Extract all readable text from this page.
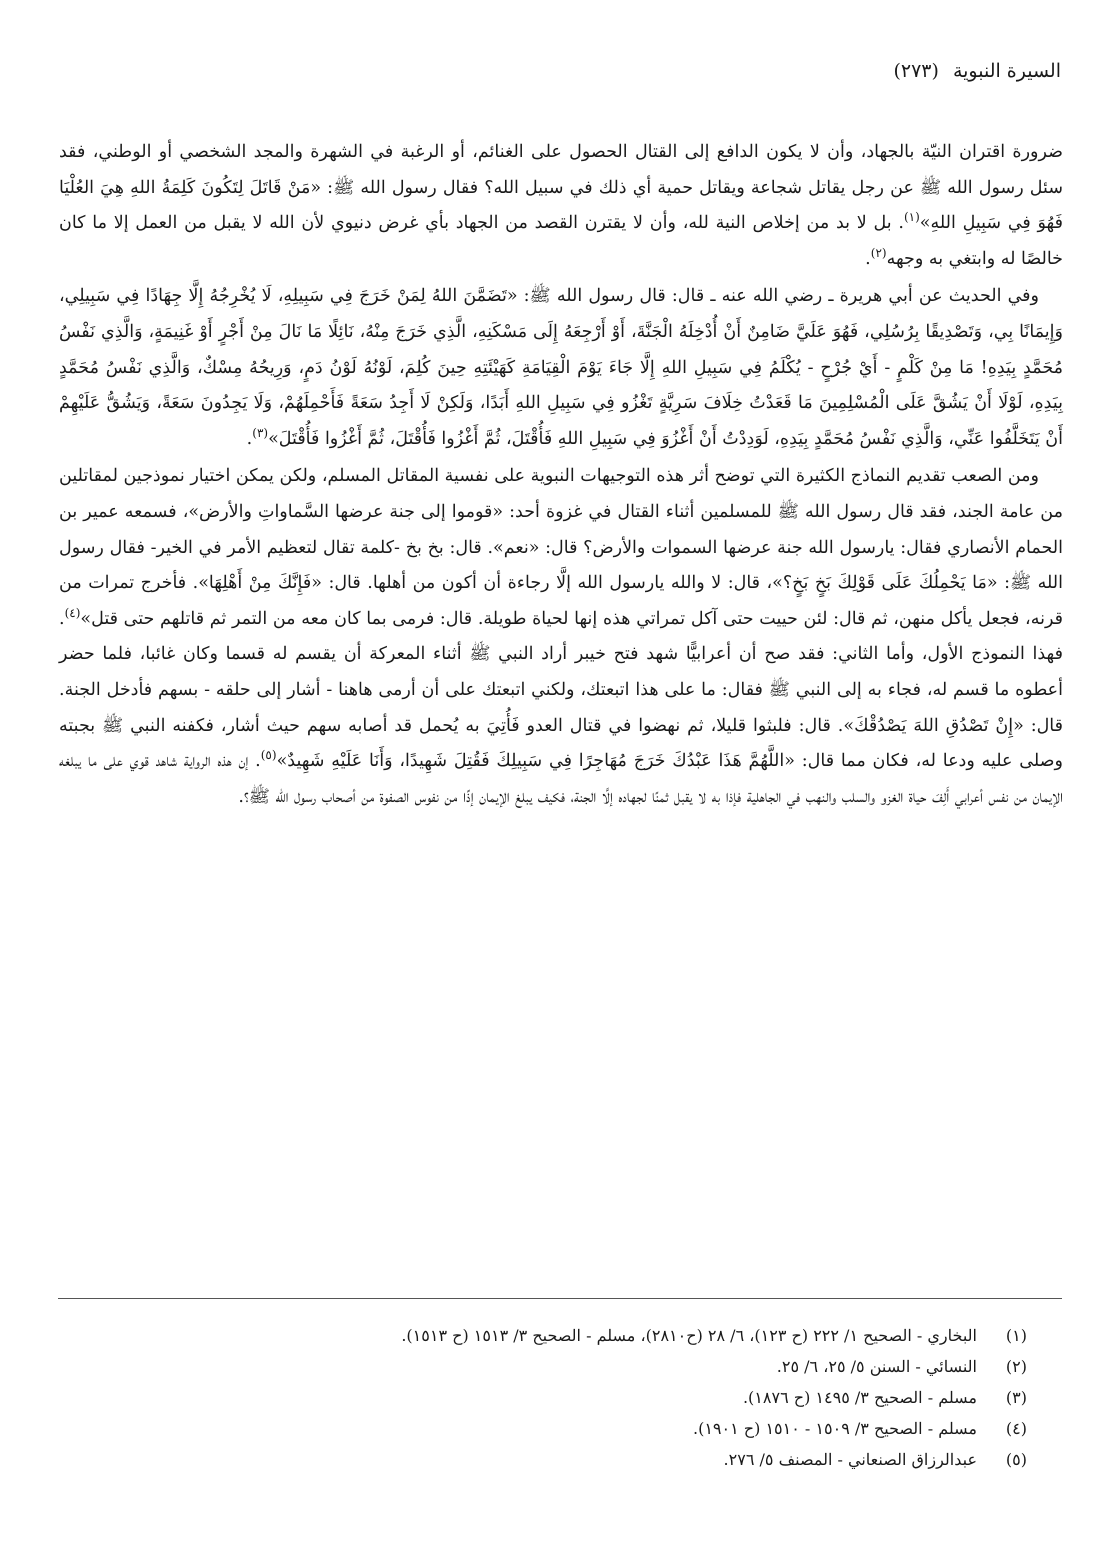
السيرة النبوية(٢٧٣)

ضرورة اقتران النيّة بالجهاد، وأن لا يكون الدافع إلى القتال الحصول على الغنائم، أو الرغبة في الشهرة والمجد الشخصي أو الوطني، فقد سئل رسول الله ﷺ عن رجل يقاتل شجاعة ويقاتل حمية أي ذلك في سبيل الله؟ فقال رسول الله ﷺ: «مَنْ قَاتَلَ لِتَكُونَ كَلِمَةُ اللهِ هِيَ العُلْيَا فَهُوَ فِي سَبِيلِ اللهِ»$^{(١)}$. بل لا بد من إخلاص النية لله، وأن لا يقترن القصد من الجهاد بأي غرض دنيوي لأن الله لا يقبل من العمل إلا ما كان خالصًا له وابتغي به وجهه$^{(٢)}$.

وفي الحديث عن أبي هريرة ـ رضي الله عنه ـ قال: قال رسول الله ﷺ: «تَضَمَّنَ اللهُ لِمَنْ خَرَجَ فِي سَبِيلِهِ، لَا يُخْرِجُهُ إِلَّا جِهَادًا فِي سَبِيلِي، وَإِيمَانًا بِي، وَتَصْدِيقًا بِرُسُلِي، فَهُوَ عَلَيَّ ضَامِنٌ أَنْ أُدْخِلَهُ الْجَنَّةَ، أَوْ أَرْجِعَهُ إِلَى مَسْكَنِهِ، الَّذِي خَرَجَ مِنْهُ، نَائِلًا مَا نَالَ مِنْ أَجْرٍ أَوْ غَنِيمَةٍ، وَالَّذِي نَفْسُ مُحَمَّدٍ بِيَدِهِ! مَا مِنْ كَلْمٍ - أَيْ جُرْحٍ - يُكْلَمُ فِي سَبِيلِ اللهِ إِلَّا جَاءَ يَوْمَ الْقِيَامَةِ كَهَيْئَتِهِ حِينَ كُلِمَ، لَوْنُهُ لَوْنُ دَمٍ، وَرِيحُهُ مِسْكٌ، وَالَّذِي نَفْسُ مُحَمَّدٍ بِيَدِهِ، لَوْلَا أَنْ يَشُقَّ عَلَى الْمُسْلِمِينَ مَا قَعَدْتُ خِلَافَ سَرِيَّةٍ تَغْزُو فِي سَبِيلِ اللهِ أَبَدًا، وَلَكِنْ لَا أَجِدُ سَعَةً فَأَحْمِلَهُمْ، وَلَا يَجِدُونَ سَعَةً، وَيَشُقُّ عَلَيْهِمْ أَنْ يَتَخَلَّفُوا عَنِّي، وَالَّذِي نَفْسُ مُحَمَّدٍ بِيَدِهِ، لَوَدِدْتُ أَنْ أَغْزُوَ فِي سَبِيلِ اللهِ فَأُقْتَلَ، ثُمَّ أَغْزُوا فَأُقْتَلَ، ثُمَّ أَغْزُوا فَأُقْتَلَ»$^{(٣)}$.

ومن الصعب تقديم النماذج الكثيرة التي توضح أثر هذه التوجيهات النبوية على نفسية المقاتل المسلم، ولكن يمكن اختيار نموذجين لمقاتلين من عامة الجند، فقد قال رسول الله ﷺ للمسلمين أثناء القتال في غزوة أحد: «قوموا إلى جنة عرضها السَّماواتِ والأرض»، فسمعه عمير بن الحمام الأنصاري فقال: يارسول الله جنة عرضها السموات والأرض؟ قال: «نعم». قال: بخ بخ -كلمة تقال لتعظيم الأمر في الخير- فقال رسول الله ﷺ: «مَا يَحْمِلُكَ عَلَى قَوْلِكَ بَخٍ بَخٍ؟»، قال: لا والله يارسول الله إلَّا رجاءة أن أكون من أهلها. قال: «فَإِنَّكَ مِنْ أَهْلِهَا». فأخرج تمرات من قرنه، فجعل يأكل منهن، ثم قال: لئن حييت حتى آكل تمراتي هذه إنها لحياة طويلة. قال: فرمى بما كان معه من التمر ثم قاتلهم حتى قتل»$^{(٤)}$. فهذا النموذج الأول، وأما الثاني: فقد صح أن أعرابيًّا شهد فتح خيبر أراد النبي ﷺ أثناء المعركة أن يقسم له قسما وكان غائبا، فلما حضر أعطوه ما قسم له، فجاء به إلى النبي ﷺ فقال: ما على هذا اتبعتك، ولكني اتبعتك على أن أرمى هاهنا - أشار إلى حلقه - بسهم فأدخل الجنة. قال: «إِنْ تَصْدُقِ اللهَ يَصْدُقْكَ». قال: فلبثوا قليلا، ثم نهضوا في قتال العدو فَأُتِيَ به يُحمل قد أصابه سهم حيث أشار، فكفنه النبي ﷺ بجبته وصلى عليه ودعا له، فكان مما قال: «اللَّهُمَّ هَذَا عَبْدُكَ خَرَجَ مُهَاجِرًا فِي سَبِيلِكَ فَقُتِلَ شَهِيدًا، وَأَنَا عَلَيْهِ شَهِيدٌ»$^{(٥)}$. إن هذه الرواية شاهد قوي على ما يبلغه الإيمان من نفس أعرابي أَلِفَ حياة الغزو والسلب والنهب في الجاهلية فإذا به لا يقبل ثمنًا لجهاده إلَّا الجنة، فكيف يبلغ الإيمان إذًا من نفوس الصفوة من أصحاب رسول الله ﷺ؟.

(١)البخاري - الصحيح ١/ ٢٢٢ (ح ١٢٣)، ٦/ ٢٨ (ح٢٨١٠)، مسلم - الصحيح ٣/ ١٥١٣ (ح ١٥١٣).
(٢)النسائي - السنن ٥/ ٢٥، ٦/ ٢٥.
(٣)مسلم - الصحيح ٣/ ١٤٩٥ (ح ١٨٧٦).
(٤)مسلم - الصحيح ٣/ ١٥٠٩ - ١٥١٠ (ح ١٩٠١).
(٥)عبدالرزاق الصنعاني - المصنف ٥/ ٢٧٦.
